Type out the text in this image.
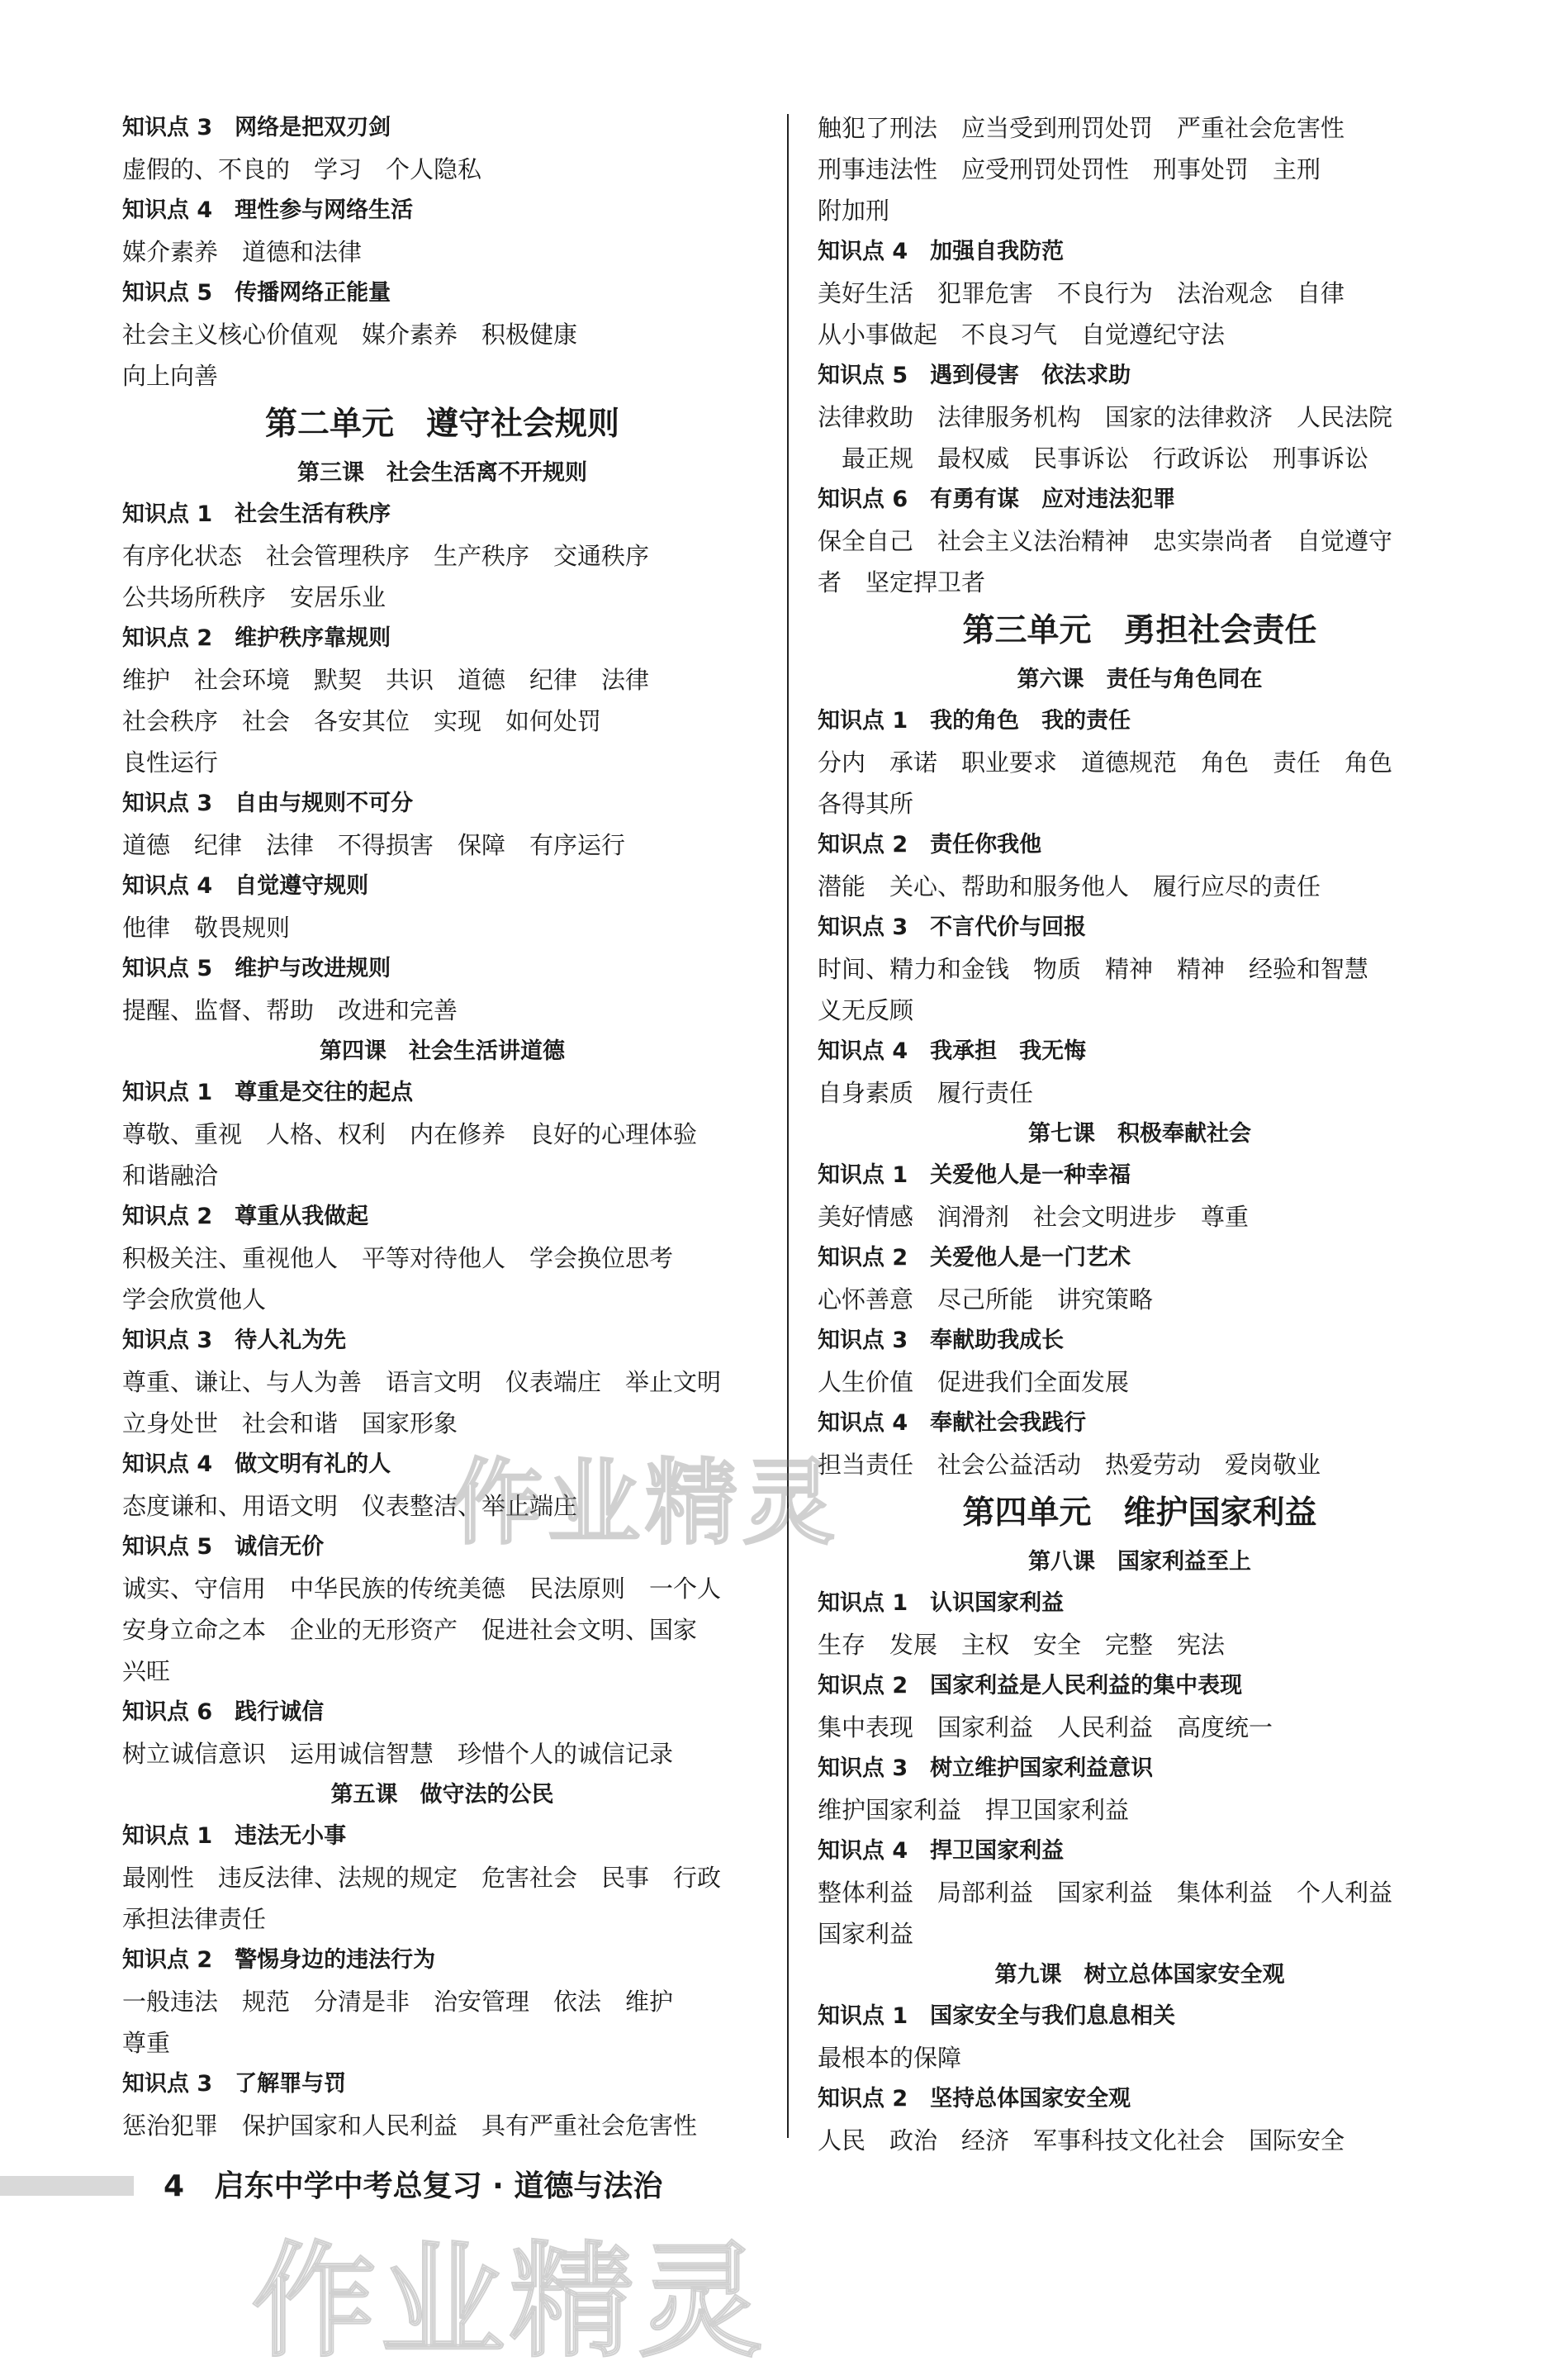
知识点 3　网络是把双刃剑
虚假的、不良的　学习　个人隐私
知识点 4　理性参与网络生活
媒介素养　道德和法律
知识点 5　传播网络正能量
社会主义核心价值观　媒介素养　积极健康
向上向善
第二单元　遵守社会规则
第三课　社会生活离不开规则
知识点 1　社会生活有秩序
有序化状态　社会管理秩序　生产秩序　交通秩序
公共场所秩序　安居乐业
知识点 2　维护秩序靠规则
维护　社会环境　默契　共识　道德　纪律　法律
社会秩序　社会　各安其位　实现　如何处罚
良性运行
知识点 3　自由与规则不可分
道德　纪律　法律　不得损害　保障　有序运行
知识点 4　自觉遵守规则
他律　敬畏规则
知识点 5　维护与改进规则
提醒、监督、帮助　改进和完善
第四课　社会生活讲道德
知识点 1　尊重是交往的起点
尊敬、重视　人格、权利　内在修养　良好的心理体验
和谐融洽
知识点 2　尊重从我做起
积极关注、重视他人　平等对待他人　学会换位思考
学会欣赏他人
知识点 3　待人礼为先
尊重、谦让、与人为善　语言文明　仪表端庄　举止文明
立身处世　社会和谐　国家形象
知识点 4　做文明有礼的人
态度谦和、用语文明　仪表整洁、举止端庄
知识点 5　诚信无价
诚实、守信用　中华民族的传统美德　民法原则　一个人
安身立命之本　企业的无形资产　促进社会文明、国家
兴旺
知识点 6　践行诚信
树立诚信意识　运用诚信智慧　珍惜个人的诚信记录
第五课　做守法的公民
知识点 1　违法无小事
最刚性　违反法律、法规的规定　危害社会　民事　行政
承担法律责任
知识点 2　警惕身边的违法行为
一般违法　规范　分清是非　治安管理　依法　维护
尊重
知识点 3　了解罪与罚
惩治犯罪　保护国家和人民利益　具有严重社会危害性
触犯了刑法　应当受到刑罚处罚　严重社会危害性
刑事违法性　应受刑罚处罚性　刑事处罚　主刑
附加刑
知识点 4　加强自我防范
美好生活　犯罪危害　不良行为　法治观念　自律
从小事做起　不良习气　自觉遵纪守法
知识点 5　遇到侵害　依法求助
法律救助　法律服务机构　国家的法律救济　人民法院
　最正规　最权威　民事诉讼　行政诉讼　刑事诉讼
知识点 6　有勇有谋　应对违法犯罪
保全自己　社会主义法治精神　忠实崇尚者　自觉遵守
者　坚定捍卫者
第三单元　勇担社会责任
第六课　责任与角色同在
知识点 1　我的角色　我的责任
分内　承诺　职业要求　道德规范　角色　责任　角色
各得其所
知识点 2　责任你我他
潜能　关心、帮助和服务他人　履行应尽的责任
知识点 3　不言代价与回报
时间、精力和金钱　物质　精神　精神　经验和智慧
义无反顾
知识点 4　我承担　我无悔
自身素质　履行责任
第七课　积极奉献社会
知识点 1　关爱他人是一种幸福
美好情感　润滑剂　社会文明进步　尊重
知识点 2　关爱他人是一门艺术
心怀善意　尽己所能　讲究策略
知识点 3　奉献助我成长
人生价值　促进我们全面发展
知识点 4　奉献社会我践行
担当责任　社会公益活动　热爱劳动　爱岗敬业
第四单元　维护国家利益
第八课　国家利益至上
知识点 1　认识国家利益
生存　发展　主权　安全　完整　宪法
知识点 2　国家利益是人民利益的集中表现
集中表现　国家利益　人民利益　高度统一
知识点 3　树立维护国家利益意识
维护国家利益　捍卫国家利益
知识点 4　捍卫国家利益
整体利益　局部利益　国家利益　集体利益　个人利益
国家利益
第九课　树立总体国家安全观
知识点 1　国家安全与我们息息相关
最根本的保障
知识点 2　坚持总体国家安全观
人民　政治　经济　军事科技文化社会　国际安全
4 启东中学中考总复习 · 道德与法治
作业精灵
作业精灵
